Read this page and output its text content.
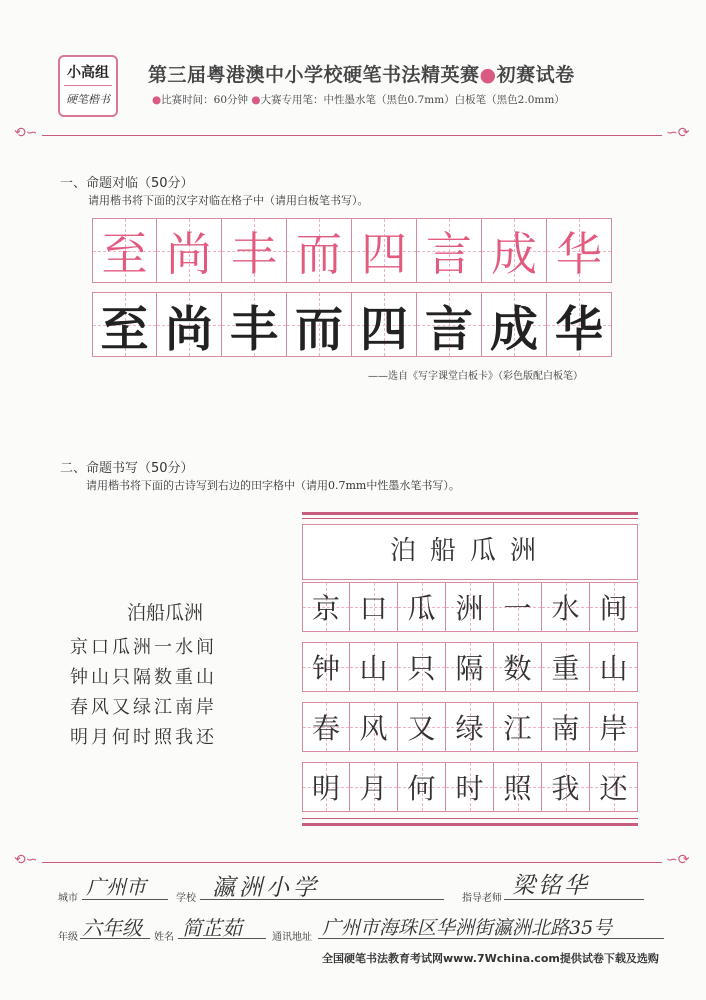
小高组
硬笔楷书
第三届粤港澳中小学校硬笔书法精英赛●初赛试卷
●比赛时间：60分钟 ●大赛专用笔：中性墨水笔（黑色0.7mm）白板笔（黑色2.0mm）
⟲∽	∽⟳
一、命题对临（50分）
请用楷书将下面的汉字对临在格子中（请用白板笔书写）。
至 尚 丰 而 四 言 成 华
至 尚 丰 而 四 言 成 华
——选自《写字课堂白板卡》（彩色版配白板笔）
二、命题书写（50分）
请用楷书将下面的古诗写到右边的田字格中（请用0.7mm中性墨水笔书写）。
泊船瓜洲
京 口 瓜 洲 一 水 间
钟 山 只 隔 数 重 山
春 风 又 绿 江 南 岸
明 月 何 时 照 我 还
泊船瓜洲
京口瓜洲一水间
钟山只隔数重山
春风又绿江南岸
明月何时照我还
⟲∽	∽⟳
城市 广州市	学校 瀛洲小学	指导老师 梁铭华
年级 六年级 姓名 简芷茹	通讯地址 广州市海珠区华洲街瀛洲北路35号
全国硬笔书法教育考试网www.7Wchina.com提供试卷下载及选购
